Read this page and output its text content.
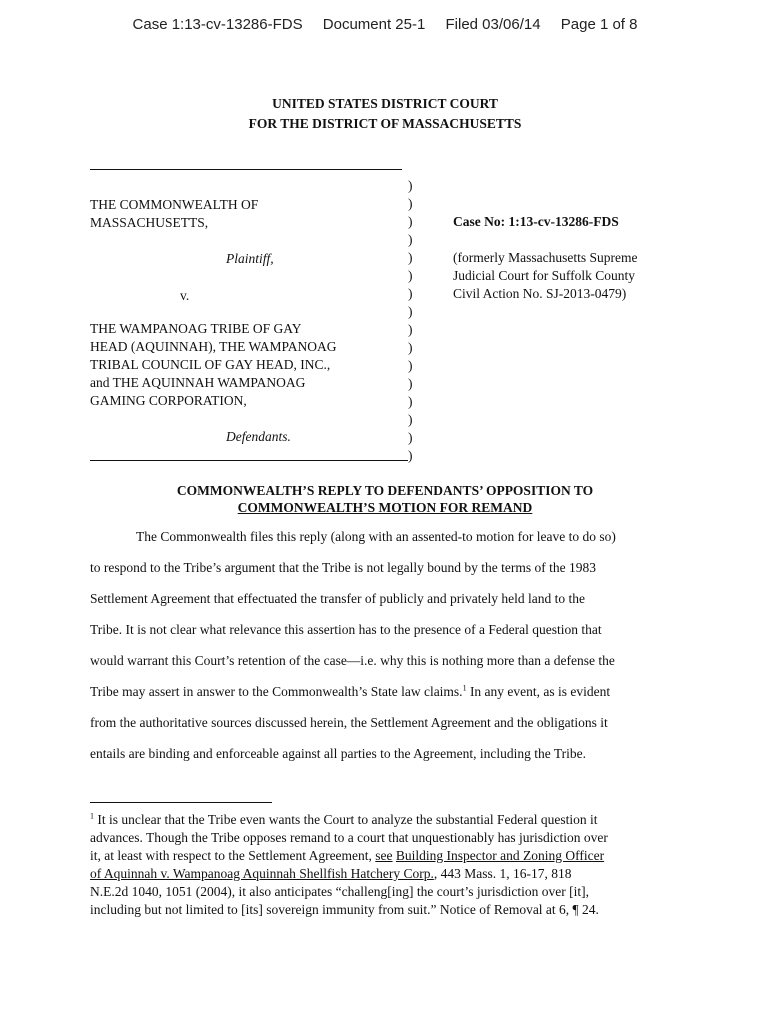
Case 1:13-cv-13286-FDS Document 25-1 Filed 03/06/14 Page 1 of 8
UNITED STATES DISTRICT COURT
FOR THE DISTRICT OF MASSACHUSETTS
THE COMMONWEALTH OF
MASSACHUSETTS,
Plaintiff,
v.
THE WAMPANOAG TRIBE OF GAY
HEAD (AQUINNAH), THE WAMPANOAG
TRIBAL COUNCIL OF GAY HEAD, INC.,
and THE AQUINNAH WAMPANOAG
GAMING CORPORATION,
Defendants.
)
)
)
)
)
)
)
)
)
)
)
)
)
)
)
)
Case No: 1:13-cv-13286-FDS
(formerly Massachusetts Supreme
Judicial Court for Suffolk County
Civil Action No. SJ-2013-0479)
COMMONWEALTH’S REPLY TO DEFENDANTS’ OPPOSITION TO
COMMONWEALTH’S MOTION FOR REMAND
The Commonwealth files this reply (along with an assented-to motion for leave to do so)
to respond to the Tribe’s argument that the Tribe is not legally bound by the terms of the 1983
Settlement Agreement that effectuated the transfer of publicly and privately held land to the
Tribe. It is not clear what relevance this assertion has to the presence of a Federal question that
would warrant this Court’s retention of the case—i.e. why this is nothing more than a defense the
Tribe may assert in answer to the Commonwealth’s State law claims.$^1$ In any event, as is evident
from the authoritative sources discussed herein, the Settlement Agreement and the obligations it
entails are binding and enforceable against all parties to the Agreement, including the Tribe.
$^1$ It is unclear that the Tribe even wants the Court to analyze the substantial Federal question it
advances. Though the Tribe opposes remand to a court that unquestionably has jurisdiction over
it, at least with respect to the Settlement Agreement, see Building Inspector and Zoning Officer
of Aquinnah v. Wampanoag Aquinnah Shellfish Hatchery Corp., 443 Mass. 1, 16-17, 818
N.E.2d 1040, 1051 (2004), it also anticipates “challeng[ing] the court’s jurisdiction over [it],
including but not limited to [its] sovereign immunity from suit.” Notice of Removal at 6, ¶ 24.
